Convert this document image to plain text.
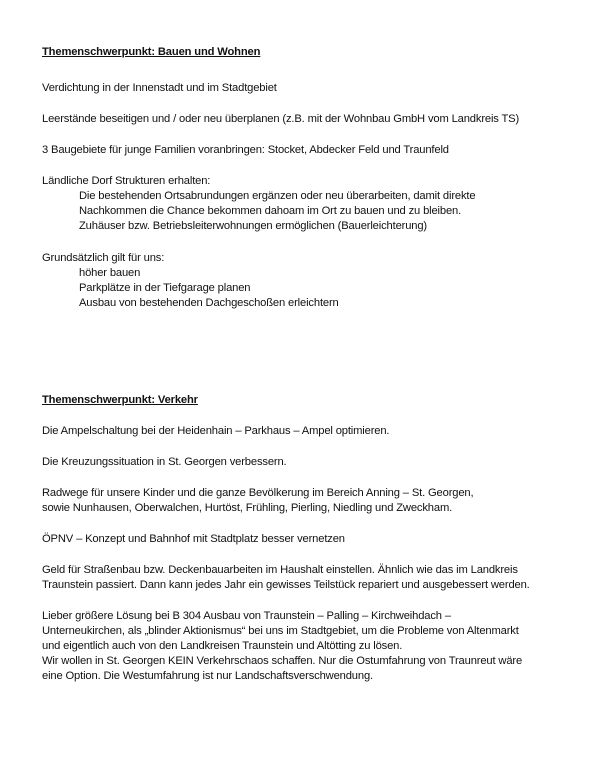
Themenschwerpunkt: Bauen und Wohnen
Verdichtung in der Innenstadt und im Stadtgebiet
Leerstände beseitigen und / oder neu überplanen (z.B. mit der Wohnbau GmbH vom Landkreis TS)
3 Baugebiete für junge Familien voranbringen: Stocket, Abdecker Feld und Traunfeld
Ländliche Dorf Strukturen erhalten:
Die bestehenden Ortsabrundungen ergänzen oder neu überarbeiten, damit direkte
Nachkommen die Chance bekommen dahoam im Ort zu bauen und zu bleiben.
Zuhäuser bzw. Betriebsleiterwohnungen ermöglichen (Bauerleichterung)
Grundsätzlich gilt für uns:
höher bauen
Parkplätze in der Tiefgarage planen
Ausbau von bestehenden Dachgeschoßen erleichtern
Themenschwerpunkt: Verkehr
Die Ampelschaltung bei der Heidenhain – Parkhaus – Ampel optimieren.
Die Kreuzungssituation in St. Georgen verbessern.
Radwege für unsere Kinder und die ganze Bevölkerung im Bereich Anning – St. Georgen,
sowie Nunhausen, Oberwalchen, Hurtöst, Frühling, Pierling, Niedling und Zweckham.
ÖPNV – Konzept und Bahnhof mit Stadtplatz besser vernetzen
Geld für Straßenbau bzw. Deckenbauarbeiten im Haushalt einstellen. Ähnlich wie das im Landkreis
Traunstein passiert. Dann kann jedes Jahr ein gewisses Teilstück repariert und ausgebessert werden.
Lieber größere Lösung bei B 304 Ausbau von Traunstein – Palling – Kirchweihdach –
Unterneukirchen, als „blinder Aktionismus“ bei uns im Stadtgebiet, um die Probleme von Altenmarkt
und eigentlich auch von den Landkreisen Traunstein und Altötting zu lösen.
Wir wollen in St. Georgen KEIN Verkehrschaos schaffen. Nur die Ostumfahrung von Traunreut wäre
eine Option. Die Westumfahrung ist nur Landschaftsverschwendung.
